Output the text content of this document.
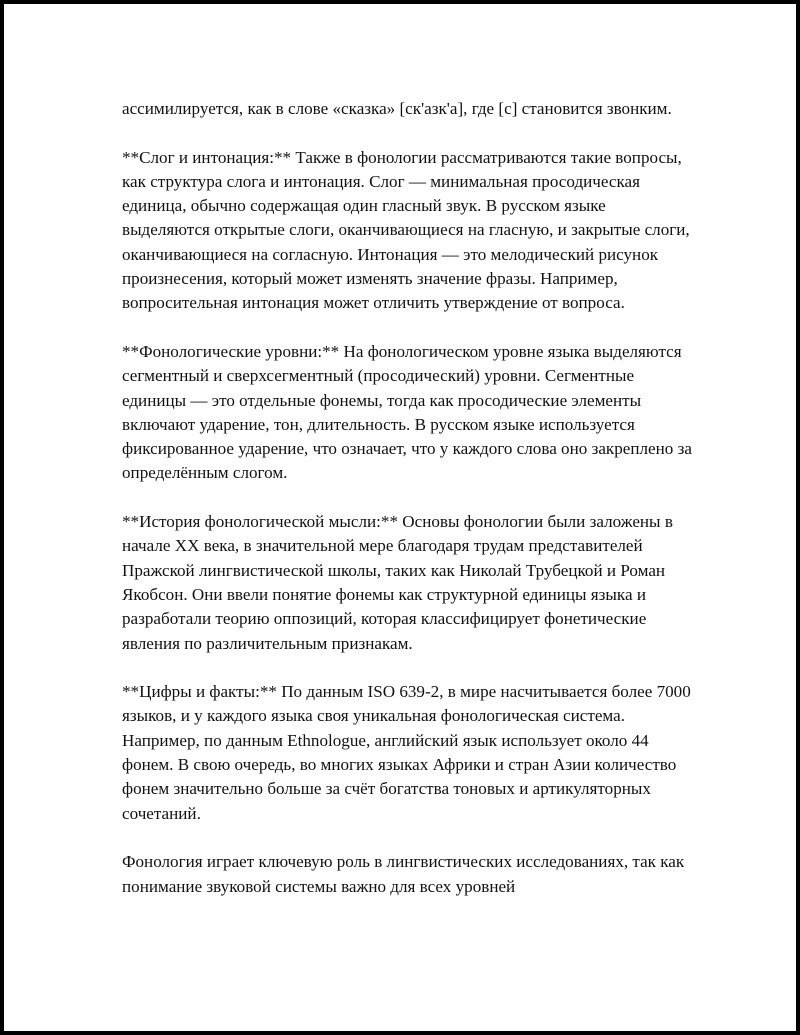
ассимилируется, как в слове «сказка» [ск'азк'а], где [с] становится звонким.

**Слог и интонация:** Также в фонологии рассматриваются такие вопросы, как структура слога и интонация. Слог — минимальная просодическая единица, обычно содержащая один гласный звук. В русском языке выделяются открытые слоги, оканчивающиеся на гласную, и закрытые слоги, оканчивающиеся на согласную. Интонация — это мелодический рисунок произнесения, который может изменять значение фразы. Например, вопросительная интонация может отличить утверждение от вопроса.

**Фонологические уровни:** На фонологическом уровне языка выделяются сегментный и сверхсегментный (просодический) уровни. Сегментные единицы — это отдельные фонемы, тогда как просодические элементы включают ударение, тон, длительность. В русском языке используется фиксированное ударение, что означает, что у каждого слова оно закреплено за определённым слогом.

**История фонологической мысли:** Основы фонологии были заложены в начале XX века, в значительной мере благодаря трудам представителей Пражской лингвистической школы, таких как Николай Трубецкой и Роман Якобсон. Они ввели понятие фонемы как структурной единицы языка и разработали теорию оппозиций, которая классифицирует фонетические явления по различительным признакам.

**Цифры и факты:** По данным ISO 639-2, в мире насчитывается более 7000 языков, и у каждого языка своя уникальная фонологическая система. Например, по данным Ethnologue, английский язык использует около 44 фонем. В свою очередь, во многих языках Африки и стран Азии количество фонем значительно больше за счёт богатства тоновых и артикуляторных сочетаний.

Фонология играет ключевую роль в лингвистических исследованиях, так как понимание звуковой системы важно для всех уровней
